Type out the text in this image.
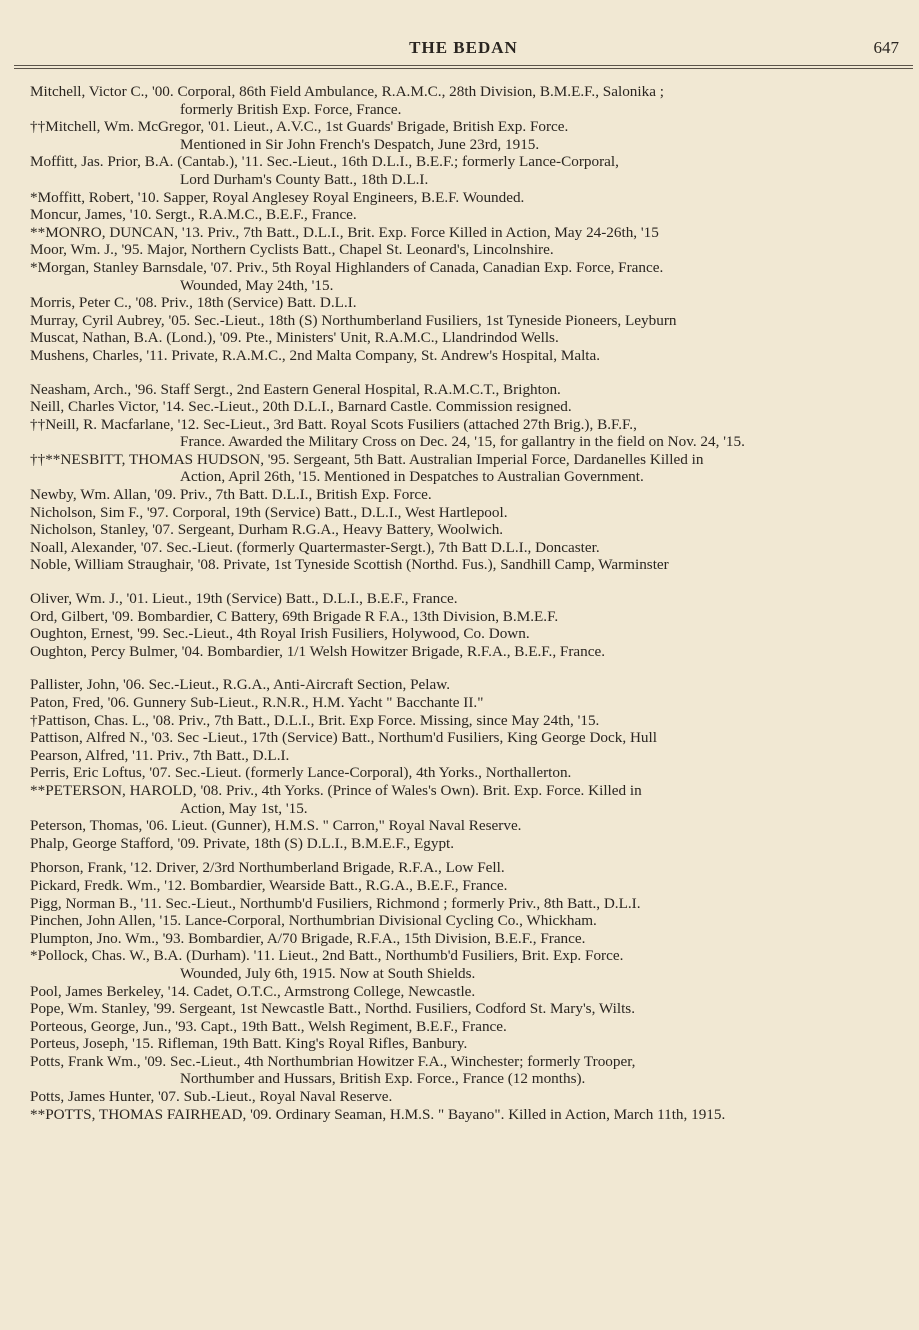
THE BEDAN	647
Mitchell, Victor C., '00. Corporal, 86th Field Ambulance, R.A.M.C., 28th Division, B.M.E.F., Salonika ;
formerly British Exp. Force, France.
††Mitchell, Wm. McGregor, '01. Lieut., A.V.C., 1st Guards' Brigade, British Exp. Force.
Mentioned in Sir John French's Despatch, June 23rd, 1915.
Moffitt, Jas. Prior, B.A. (Cantab.), '11. Sec.-Lieut., 16th D.L.I., B.E.F.; formerly Lance-Corporal,
Lord Durham's County Batt., 18th D.L.I.
*Moffitt, Robert, '10. Sapper, Royal Anglesey Royal Engineers, B.E.F. Wounded.
Moncur, James, '10. Sergt., R.A.M.C., B.E.F., France.
**MONRO, DUNCAN, '13. Priv., 7th Batt., D.L.I., Brit. Exp. Force Killed in Action, May 24-26th, '15
Moor, Wm. J., '95. Major, Northern Cyclists Batt., Chapel St. Leonard's, Lincolnshire.
*Morgan, Stanley Barnsdale, '07. Priv., 5th Royal Highlanders of Canada, Canadian Exp. Force, France.
Wounded, May 24th, '15.
Morris, Peter C., '08. Priv., 18th (Service) Batt. D.L.I.
Murray, Cyril Aubrey, '05. Sec.-Lieut., 18th (S) Northumberland Fusiliers, 1st Tyneside Pioneers, Leyburn
Muscat, Nathan, B.A. (Lond.), '09. Pte., Ministers' Unit, R.A.M.C., Llandrindod Wells.
Mushens, Charles, '11. Private, R.A.M.C., 2nd Malta Company, St. Andrew's Hospital, Malta.
Neasham, Arch., '96. Staff Sergt., 2nd Eastern General Hospital, R.A.M.C.T., Brighton.
Neill, Charles Victor, '14. Sec.-Lieut., 20th D.L.I., Barnard Castle. Commission resigned.
††Neill, R. Macfarlane, '12. Sec-Lieut., 3rd Batt. Royal Scots Fusiliers (attached 27th Brig.), B.F.F.,
France. Awarded the Military Cross on Dec. 24, '15, for gallantry in the field on Nov. 24, '15.
††**NESBITT, THOMAS HUDSON, '95. Sergeant, 5th Batt. Australian Imperial Force, Dardanelles Killed in
Action, April 26th, '15. Mentioned in Despatches to Australian Government.
Newby, Wm. Allan, '09. Priv., 7th Batt. D.L.I., British Exp. Force.
Nicholson, Sim F., '97. Corporal, 19th (Service) Batt., D.L.I., West Hartlepool.
Nicholson, Stanley, '07. Sergeant, Durham R.G.A., Heavy Battery, Woolwich.
Noall, Alexander, '07. Sec.-Lieut. (formerly Quartermaster-Sergt.), 7th Batt D.L.I., Doncaster.
Noble, William Straughair, '08. Private, 1st Tyneside Scottish (Northd. Fus.), Sandhill Camp, Warminster
Oliver, Wm. J., '01. Lieut., 19th (Service) Batt., D.L.I., B.E.F., France.
Ord, Gilbert, '09. Bombardier, C Battery, 69th Brigade R F.A., 13th Division, B.M.E.F.
Oughton, Ernest, '99. Sec.-Lieut., 4th Royal Irish Fusiliers, Holywood, Co. Down.
Oughton, Percy Bulmer, '04. Bombardier, 1/1 Welsh Howitzer Brigade, R.F.A., B.E.F., France.
Pallister, John, '06. Sec.-Lieut., R.G.A., Anti-Aircraft Section, Pelaw.
Paton, Fred, '06. Gunnery Sub-Lieut., R.N.R., H.M. Yacht " Bacchante II."
†Pattison, Chas. L., '08. Priv., 7th Batt., D.L.I., Brit. Exp Force. Missing, since May 24th, '15.
Pattison, Alfred N., '03. Sec -Lieut., 17th (Service) Batt., Northum'd Fusiliers, King George Dock, Hull
Pearson, Alfred, '11. Priv., 7th Batt., D.L.I.
Perris, Eric Loftus, '07. Sec.-Lieut. (formerly Lance-Corporal), 4th Yorks., Northallerton.
**PETERSON, HAROLD, '08. Priv., 4th Yorks. (Prince of Wales's Own). Brit. Exp. Force. Killed in
Action, May 1st, '15.
Peterson, Thomas, '06. Lieut. (Gunner), H.M.S. " Carron," Royal Naval Reserve.
Phalp, George Stafford, '09. Private, 18th (S) D.L.I., B.M.E.F., Egypt.
Phorson, Frank, '12. Driver, 2/3rd Northumberland Brigade, R.F.A., Low Fell.
Pickard, Fredk. Wm., '12. Bombardier, Wearside Batt., R.G.A., B.E.F., France.
Pigg, Norman B., '11. Sec.-Lieut., Northumb'd Fusiliers, Richmond ; formerly Priv., 8th Batt., D.L.I.
Pinchen, John Allen, '15. Lance-Corporal, Northumbrian Divisional Cycling Co., Whickham.
Plumpton, Jno. Wm., '93. Bombardier, A/70 Brigade, R.F.A., 15th Division, B.E.F., France.
*Pollock, Chas. W., B.A. (Durham). '11. Lieut., 2nd Batt., Northumb'd Fusiliers, Brit. Exp. Force.
Wounded, July 6th, 1915. Now at South Shields.
Pool, James Berkeley, '14. Cadet, O.T.C., Armstrong College, Newcastle.
Pope, Wm. Stanley, '99. Sergeant, 1st Newcastle Batt., Northd. Fusiliers, Codford St. Mary's, Wilts.
Porteous, George, Jun., '93. Capt., 19th Batt., Welsh Regiment, B.E.F., France.
Porteus, Joseph, '15. Rifleman, 19th Batt. King's Royal Rifles, Banbury.
Potts, Frank Wm., '09. Sec.-Lieut., 4th Northumbrian Howitzer F.A., Winchester; formerly Trooper,
Northumber and Hussars, British Exp. Force., France (12 months).
Potts, James Hunter, '07. Sub.-Lieut., Royal Naval Reserve.
**POTTS, THOMAS FAIRHEAD, '09. Ordinary Seaman, H.M.S. " Bayano". Killed in Action, March 11th, 1915.
